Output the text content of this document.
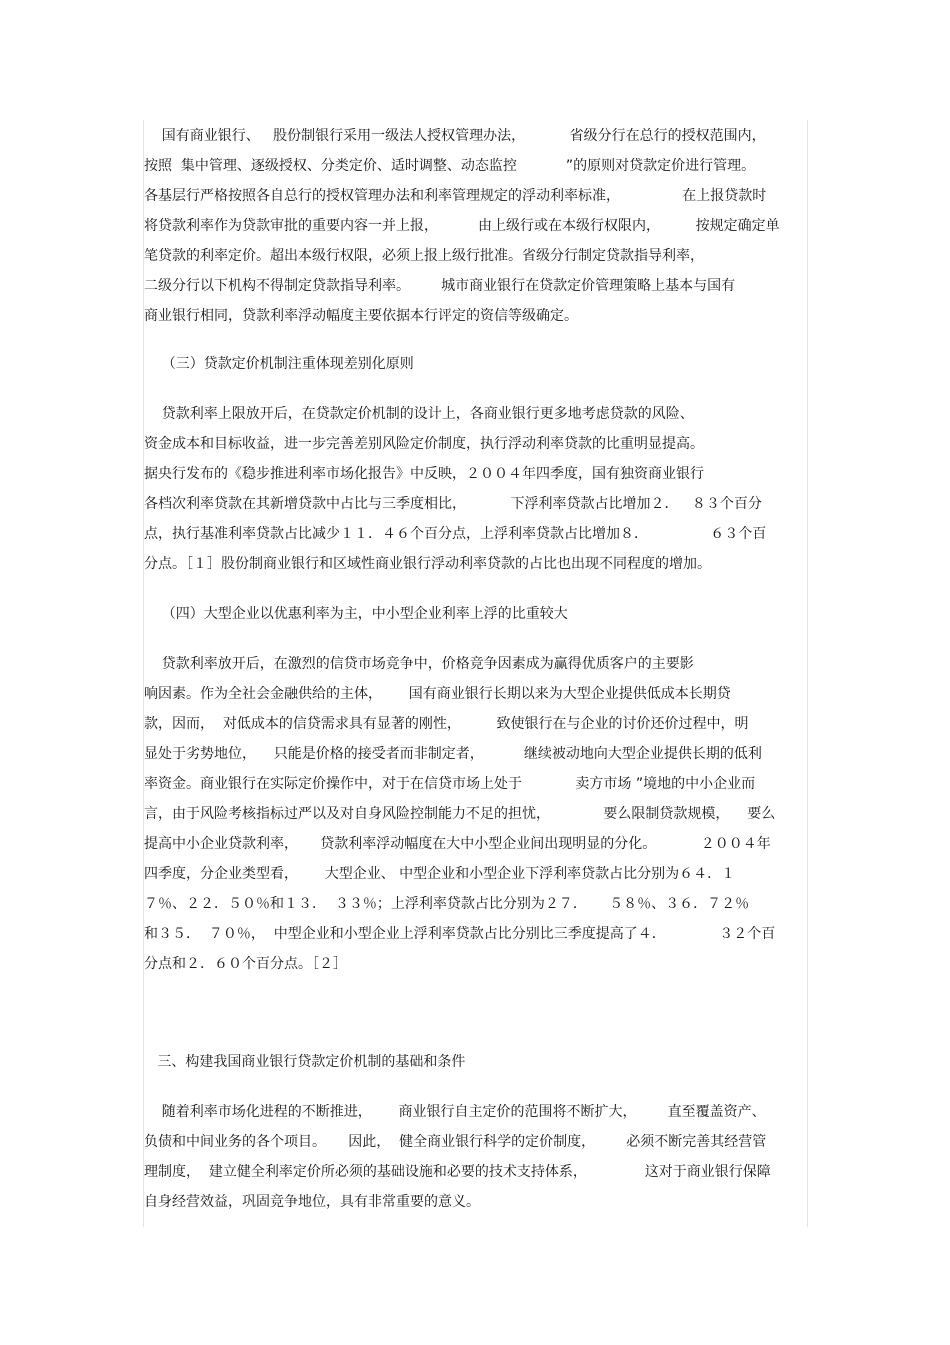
国有商业银行、   股份制银行采用一级法人授权管理办法，          省级分行在总行的授权范围内，
按照  集中管理、逐级授权、分类定价、适时调整、动态监控           ”的原则对贷款定价进行管理。
各基层行严格按照各自总行的授权管理办法和利率管理规定的浮动利率标准，              在上报贷款时
将贷款利率作为贷款审批的重要内容一并上报，         由上级行或在本级行权限内，        按规定确定单
笔贷款的利率定价。超出本级行权限，必须上报上级行批准。省级分行制定贷款指导利率，
二级分行以下机构不得制定贷款指导利率。       城市商业银行在贷款定价管理策略上基本与国有
商业银行相同，贷款利率浮动幅度主要依据本行评定的资信等级确定。
（三）贷款定价机制注重体现差别化原则
贷款利率上限放开后，在贷款定价机制的设计上，各商业银行更多地考虑贷款的风险、
资金成本和目标收益，进一步完善差别风险定价制度，执行浮动利率贷款的比重明显提高。
据央行发布的《稳步推进利率市场化报告》中反映，２００４年四季度，国有独资商业银行
各档次利率贷款在其新增贷款中占比与三季度相比，          下浮利率贷款占比增加２．   ８３个百分
点，执行基准利率贷款占比减少１１．４６个百分点，上浮利率贷款占比增加８．              ６３个百
分点。［１］股份制商业银行和区域性商业银行浮动利率贷款的占比也出现不同程度的增加。
（四）大型企业以优惠利率为主，中小型企业利率上浮的比重较大
贷款利率放开后，在激烈的信贷市场竞争中，价格竞争因素成为赢得优质客户的主要影
响因素。作为全社会金融供给的主体，      国有商业银行长期以来为大型企业提供低成本长期贷
款，因而，  对低成本的信贷需求具有显著的刚性，        致使银行在与企业的讨价还价过程中，明
显处于劣势地位，    只能是价格的接受者而非制定者，         继续被动地向大型企业提供长期的低利
率资金。商业银行在实际定价操作中，对于在信贷市场上处于            卖方市场 ”境地的中小企业而
言，由于风险考核指标过严以及对自身风险控制能力不足的担忧，            要么限制贷款规模，    要么
提高中小企业贷款利率，     贷款利率浮动幅度在大中小型企业间出现明显的分化。          ２００４年
四季度，分企业类型看，      大型企业、 中型企业和小型企业下浮利率贷款占比分别为６４．１
７％、２２．５０％和１３．  ３３％；上浮利率贷款占比分别为２７．     ５８％、３６．７２％
和３５．  ７０％，  中型企业和小型企业上浮利率贷款占比分别比三季度提高了４．            ３２个百
分点和２．６０个百分点。［２］
三、构建我国商业银行贷款定价机制的基础和条件
随着利率市场化进程的不断推进，      商业银行自主定价的范围将不断扩大，       直至覆盖资产、
负债和中间业务的各个项目。     因此，  健全商业银行科学的定价制度，       必须不断完善其经营管
理制度，  建立健全利率定价所必须的基础设施和必要的技术支持体系，             这对于商业银行保障
自身经营效益，巩固竞争地位，具有非常重要的意义。
